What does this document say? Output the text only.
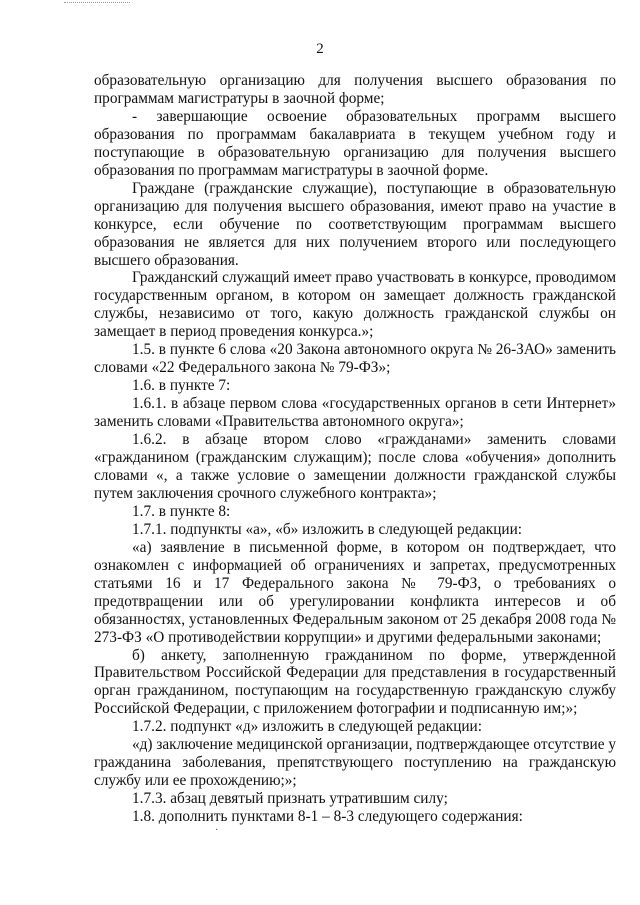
2

образовательную организацию для получения высшего образования по программам магистратуры в заочной форме;

- завершающие освоение образовательных программ высшего образования по программам бакалавриата в текущем учебном году и поступающие в образовательную организацию для получения высшего образования по программам магистратуры в заочной форме.

Граждане (гражданские служащие), поступающие в образовательную организацию для получения высшего образования, имеют право на участие в конкурсе, если обучение по соответствующим программам высшего образования не является для них получением второго или последующего высшего образования.

Гражданский служащий имеет право участвовать в конкурсе, проводимом государственным органом, в котором он замещает должность гражданской службы, независимо от того, какую должность гражданской службы он замещает в период проведения конкурса.»;

1.5. в пункте 6 слова «20 Закона автономного округа № 26-ЗАО» заменить словами «22 Федерального закона № 79-ФЗ»;

1.6. в пункте 7:

1.6.1. в абзаце первом слова «государственных органов в сети Интернет» заменить словами «Правительства автономного округа»;

1.6.2. в абзаце втором слово «гражданами» заменить словами «гражданином (гражданским служащим); после слова «обучения» дополнить словами «, а также условие о замещении должности гражданской службы путем заключения срочного служебного контракта»;

1.7. в пункте 8:

1.7.1. подпункты «а», «б» изложить в следующей редакции:

«а) заявление в письменной форме, в котором он подтверждает, что ознакомлен с информацией об ограничениях и запретах, предусмотренных статьями 16 и 17 Федерального закона № 79-ФЗ, о требованиях о предотвращении или об урегулировании конфликта интересов и об обязанностях, установленных Федеральным законом от 25 декабря 2008 года № 273-ФЗ «О противодействии коррупции» и другими федеральными законами;

б) анкету, заполненную гражданином по форме, утвержденной Правительством Российской Федерации для представления в государственный орган гражданином, поступающим на государственную гражданскую службу Российской Федерации, с приложением фотографии и подписанную им;»;

1.7.2. подпункт «д» изложить в следующей редакции:

«д) заключение медицинской организации, подтверждающее отсутствие у гражданина заболевания, препятствующего поступлению на гражданскую службу или ее прохождению;»;

1.7.3. абзац девятый признать утратившим силу;

1.8. дополнить пунктами 8-1 – 8-3 следующего содержания:

·
